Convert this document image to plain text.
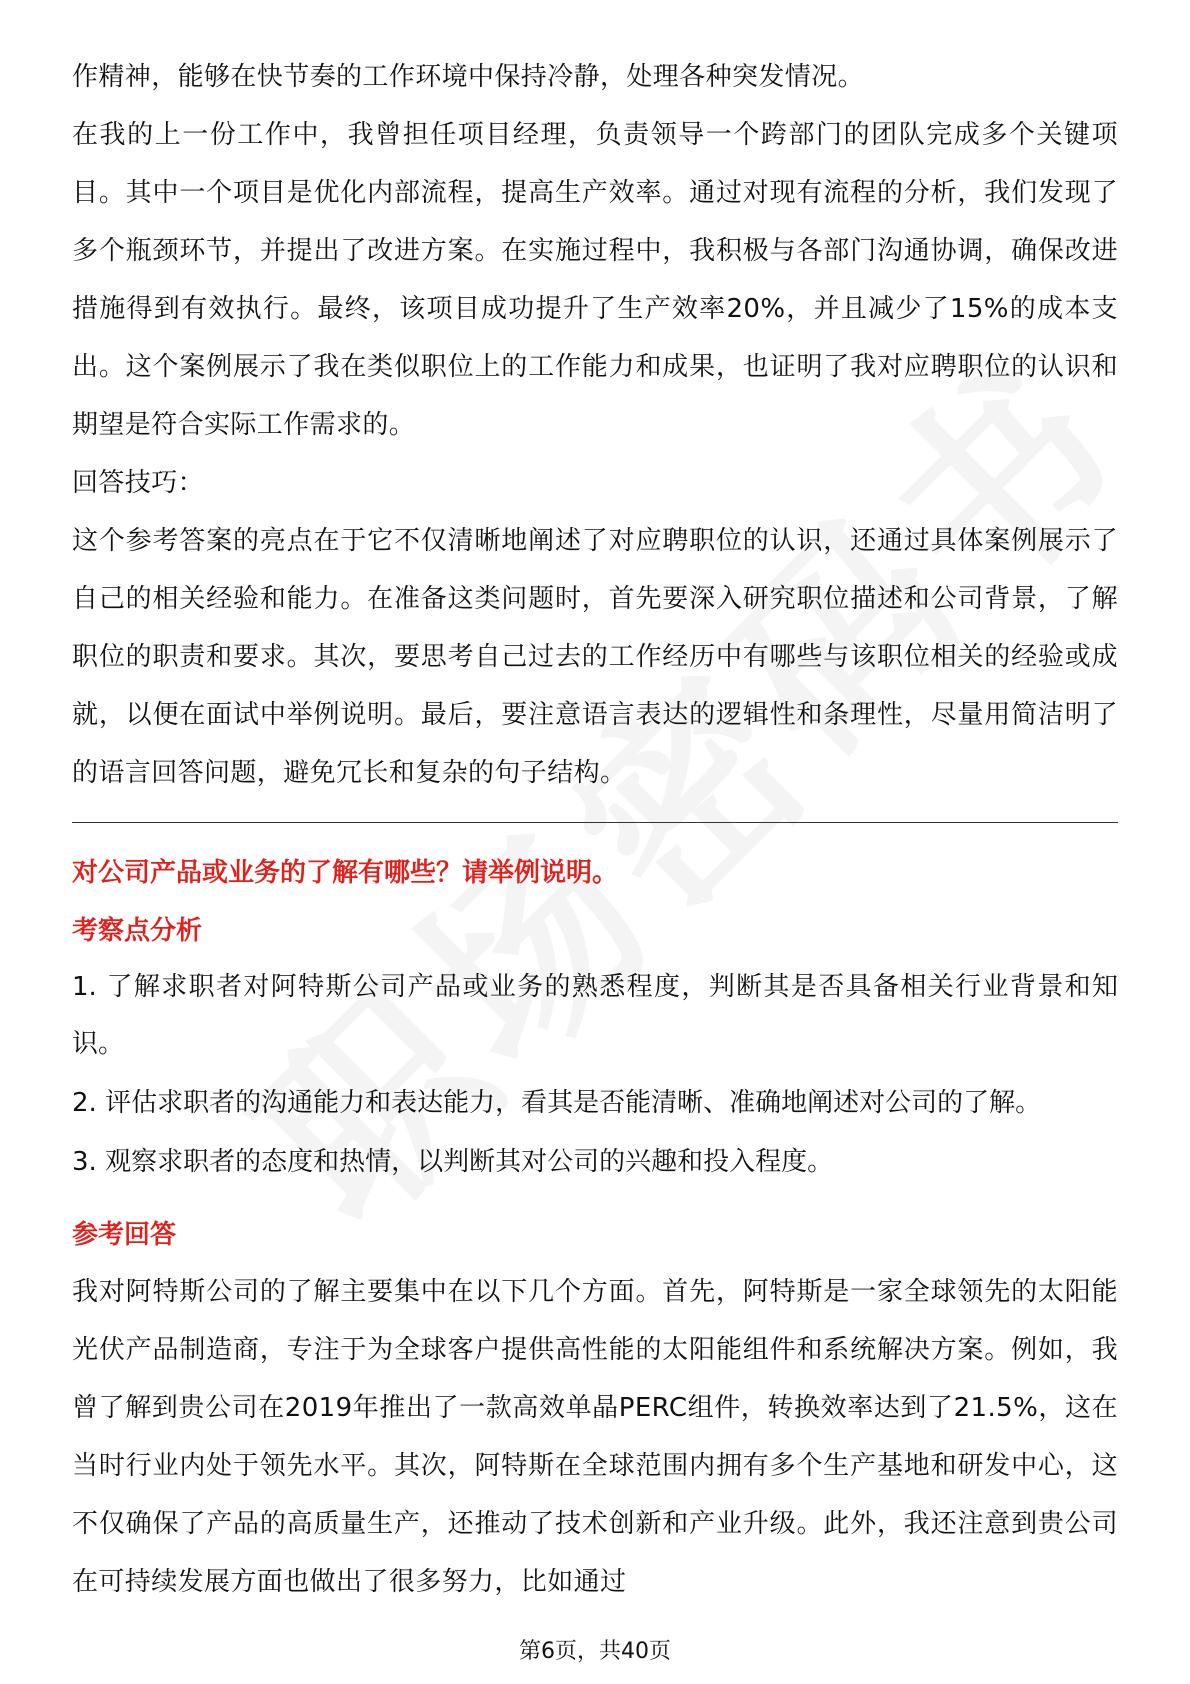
作精神，能够在快节奏的工作环境中保持冷静，处理各种突发情况。

在我的上一份工作中，我曾担任项目经理，负责领导一个跨部门的团队完成多个关键项目。其中一个项目是优化内部流程，提高生产效率。通过对现有流程的分析，我们发现了多个瓶颈环节，并提出了改进方案。在实施过程中，我积极与各部门沟通协调，确保改进措施得到有效执行。最终，该项目成功提升了生产效率20%，并且减少了15%的成本支出。这个案例展示了我在类似职位上的工作能力和成果，也证明了我对应聘职位的认识和期望是符合实际工作需求的。

回答技巧：

这个参考答案的亮点在于它不仅清晰地阐述了对应聘职位的认识，还通过具体案例展示了自己的相关经验和能力。在准备这类问题时，首先要深入研究职位描述和公司背景，了解职位的职责和要求。其次，要思考自己过去的工作经历中有哪些与该职位相关的经验或成就，以便在面试中举例说明。最后，要注意语言表达的逻辑性和条理性，尽量用简洁明了的语言回答问题，避免冗长和复杂的句子结构。

对公司产品或业务的了解有哪些？请举例说明。

考察点分析

1. 了解求职者对阿特斯公司产品或业务的熟悉程度，判断其是否具备相关行业背景和知识。

2. 评估求职者的沟通能力和表达能力，看其是否能清晰、准确地阐述对公司的了解。

3. 观察求职者的态度和热情，以判断其对公司的兴趣和投入程度。

参考回答

我对阿特斯公司的了解主要集中在以下几个方面。首先，阿特斯是一家全球领先的太阳能光伏产品制造商，专注于为全球客户提供高性能的太阳能组件和系统解决方案。例如，我曾了解到贵公司在2019年推出了一款高效单晶PERC组件，转换效率达到了21.5%，这在当时行业内处于领先水平。其次，阿特斯在全球范围内拥有多个生产基地和研发中心，这不仅确保了产品的高质量生产，还推动了技术创新和产业升级。此外，我还注意到贵公司在可持续发展方面也做出了很多努力，比如通过

第6页，共40页
